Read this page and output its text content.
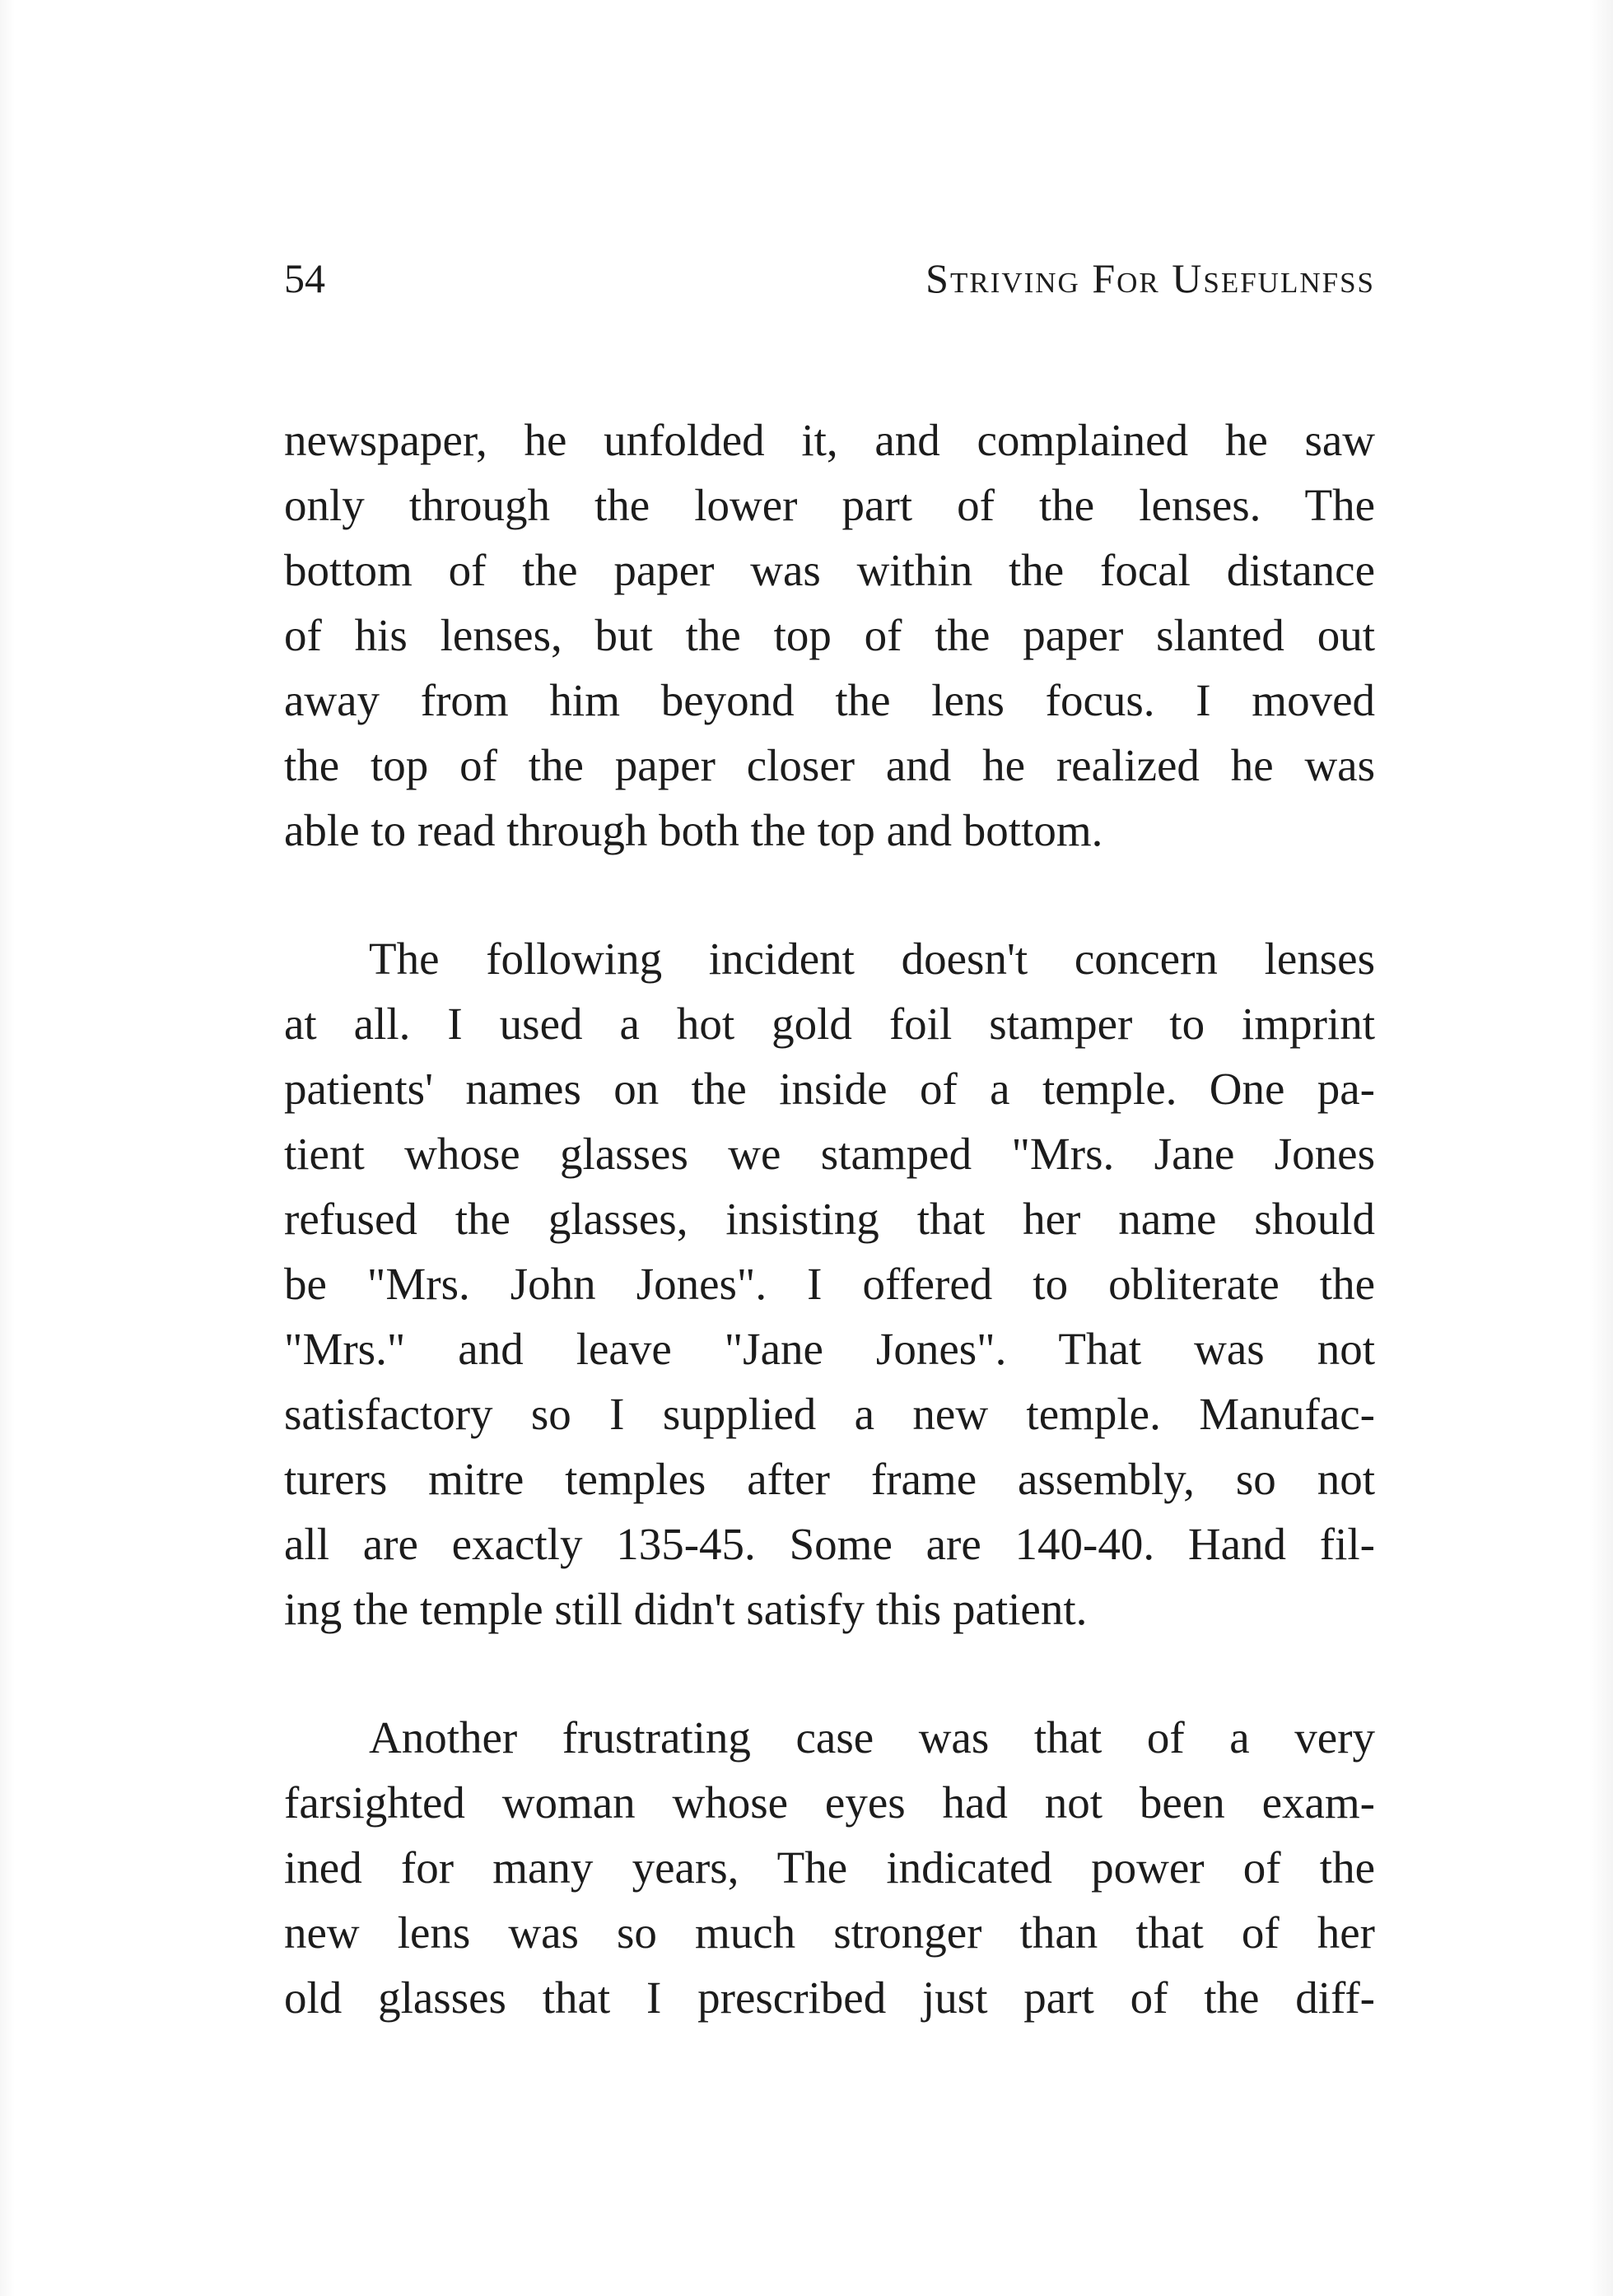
54	Striving For Usefulnfss
newspaper, he unfolded it, and complained he saw
only through the lower part of the lenses. The
bottom of the paper was within the focal distance
of his lenses, but the top of the paper slanted out
away from him beyond the lens focus. I moved
the top of the paper closer and he realized he was
able to read through both the top and bottom.
The following incident doesn't concern lenses
at all. I used a hot gold foil stamper to imprint
patients' names on the inside of a temple. One pa-
tient whose glasses we stamped "Mrs. Jane Jones
refused the glasses, insisting that her name should
be "Mrs. John Jones". I offered to obliterate the
"Mrs." and leave "Jane Jones". That was not
satisfactory so I supplied a new temple. Manufac-
turers mitre temples after frame assembly, so not
all are exactly 135-45. Some are 140-40. Hand fil-
ing the temple still didn't satisfy this patient.
Another frustrating case was that of a very
farsighted woman whose eyes had not been exam-
ined for many years, The indicated power of the
new lens was so much stronger than that of her
old glasses that I prescribed just part of the diff-
